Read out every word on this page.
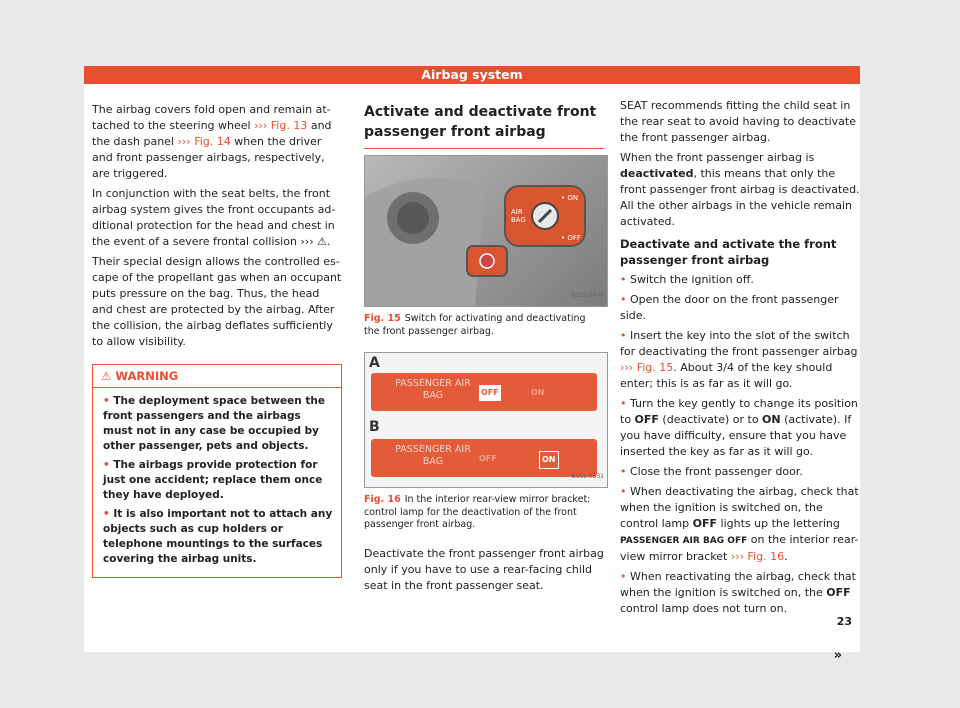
Airbag system

The airbag covers fold open and remain attached to the steering wheel ››› Fig. 13 and the dash panel ››› Fig. 14 when the driver and front passenger airbags, respectively, are triggered.

In conjunction with the seat belts, the front airbag system gives the front occupants additional protection for the head and chest in the event of a severe frontal collision ››› ⚠.

Their special design allows the controlled escape of the propellant gas when an occupant puts pressure on the bag. Thus, the head and chest are protected by the airbag. After the collision, the airbag deflates sufficiently to allow visibility.

⚠ WARNING

• The deployment space between the front passengers and the airbags must not in any case be occupied by other passenger, pets and objects.

• The airbags provide protection for just one accident; replace them once they have deployed.

• It is also important not to attach any objects such as cup holders or telephone mountings to the surfaces covering the airbag units.

Activate and deactivate front passenger front airbag
AIR
BAG
• ON
• OFF
B1SL-0405
Fig. 15 Switch for activating and deactivating the front passenger airbag.
A
PASSENGER AIR BAG	OFF	ON
B
PASSENGER AIR BAG	OFF	ON
B1SL-0531
Fig. 16 In the interior rear-view mirror bracket: control lamp for the deactivation of the front passenger front airbag.

Deactivate the front passenger front airbag only if you have to use a rear-facing child seat in the front passenger seat.

SEAT recommends fitting the child seat in the rear seat to avoid having to deactivate the front passenger airbag.

When the front passenger airbag is deactivated, this means that only the front passenger front airbag is deactivated. All the other airbags in the vehicle remain activated.

Deactivate and activate the front passenger front airbag

• Switch the ignition off.

• Open the door on the front passenger side.

• Insert the key into the slot of the switch for deactivating the front passenger airbag ››› Fig. 15. About 3/4 of the key should enter; this is as far as it will go.

• Turn the key gently to change its position to OFF (deactivate) or to ON (activate). If you have difficulty, ensure that you have inserted the key as far as it will go.

• Close the front passenger door.

• When deactivating the airbag, check that when the ignition is switched on, the control lamp OFF lights up the lettering PASSENGER AIR BAG OFF on the interior rear-view mirror bracket ››› Fig. 16.

• When reactivating the airbag, check that when the ignition is switched on, the OFF control lamp does not turn on.

»
23
